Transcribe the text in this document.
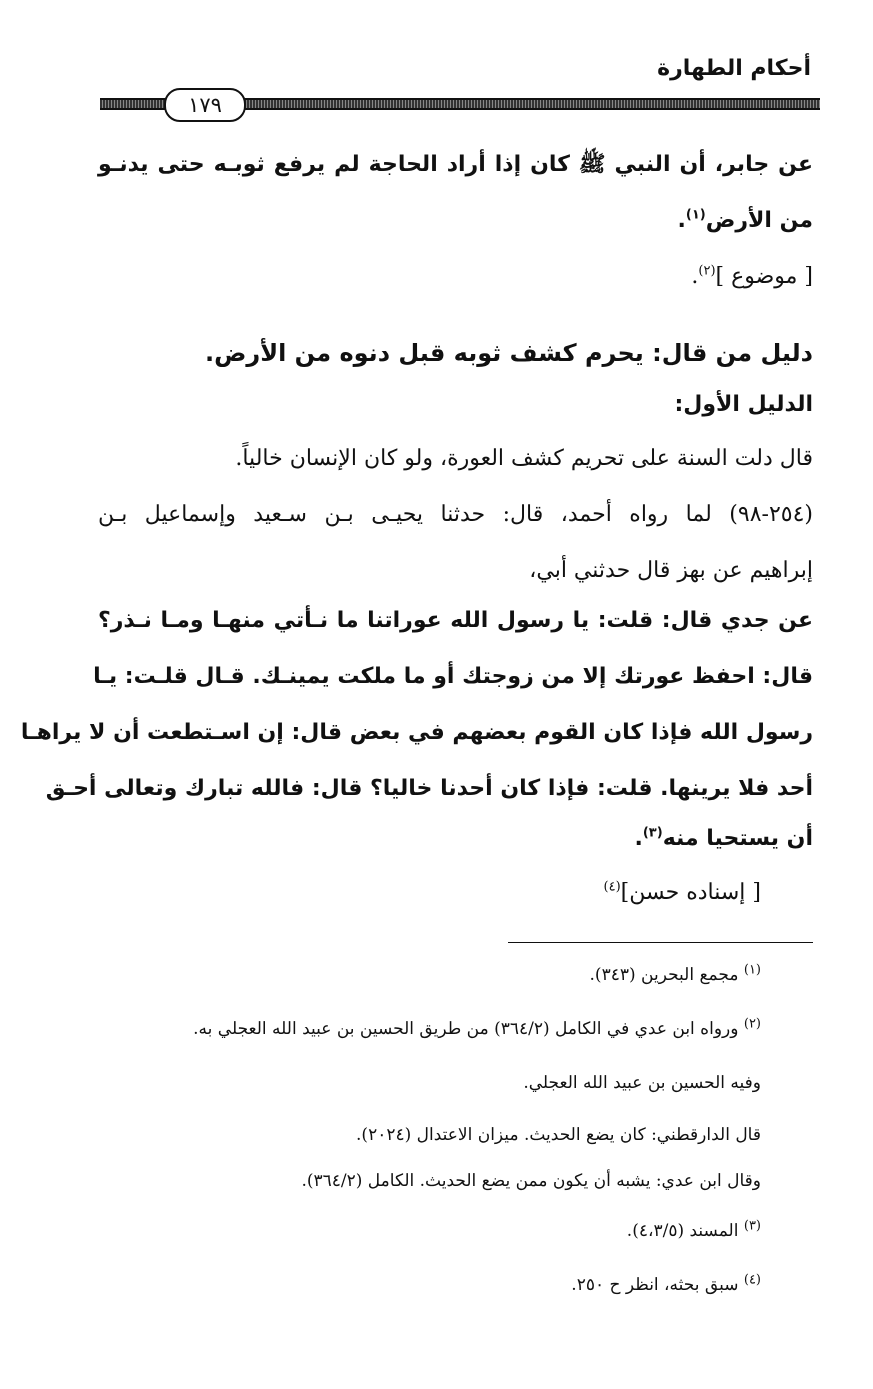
أحكام الطهارة
١٧٩
عن جابر، أن النبي ﷺ كان إذا أراد الحاجة لم يرفع ثوبـه حتى يدنـو
من الأرض$^{(١)}$.
[ موضوع ]$^{(٢)}$.
دليل من قال: يحرم كشف ثوبه قبل دنوه من الأرض.
الدليل الأول:
قال دلت السنة على تحريم كشف العورة، ولو كان الإنسان خالياً.
(٢٥٤-٩٨) لما رواه أحمد، قال: حدثنا يحيـى بـن سـعيد وإسماعيل بـن
إبراهيم عن بهز قال حدثني أبي،
عن جدي قال: قلت: يا رسول الله عوراتنا ما نـأتي منهـا ومـا نـذر؟
قال: احفظ عورتك إلا من زوجتك أو ما ملكت يمينـك. قـال قلـت: يـا
رسول الله فإذا كان القوم بعضهم في بعض قال: إن اسـتطعت أن لا يراهـا
أحد فلا يرينها. قلت: فإذا كان أحدنا خاليا؟ قال: فالله تبارك وتعالى أحـق
أن يستحيا منه$^{(٣)}$.
[ إسناده حسن]$^{(٤)}$
$^{(١)}$ مجمع البحرين (٣٤٣).
$^{(٢)}$ ورواه ابن عدي في الكامل (٣٦٤/٢) من طريق الحسين بن عبيد الله العجلي به.
وفيه الحسين بن عبيد الله العجلي.
قال الدارقطني: كان يضع الحديث. ميزان الاعتدال (٢٠٢٤).
وقال ابن عدي: يشبه أن يكون ممن يضع الحديث. الكامل (٣٦٤/٢).
$^{(٣)}$ المسند (٤،٣/٥).
$^{(٤)}$ سبق بحثه، انظر ح ٢٥٠.
